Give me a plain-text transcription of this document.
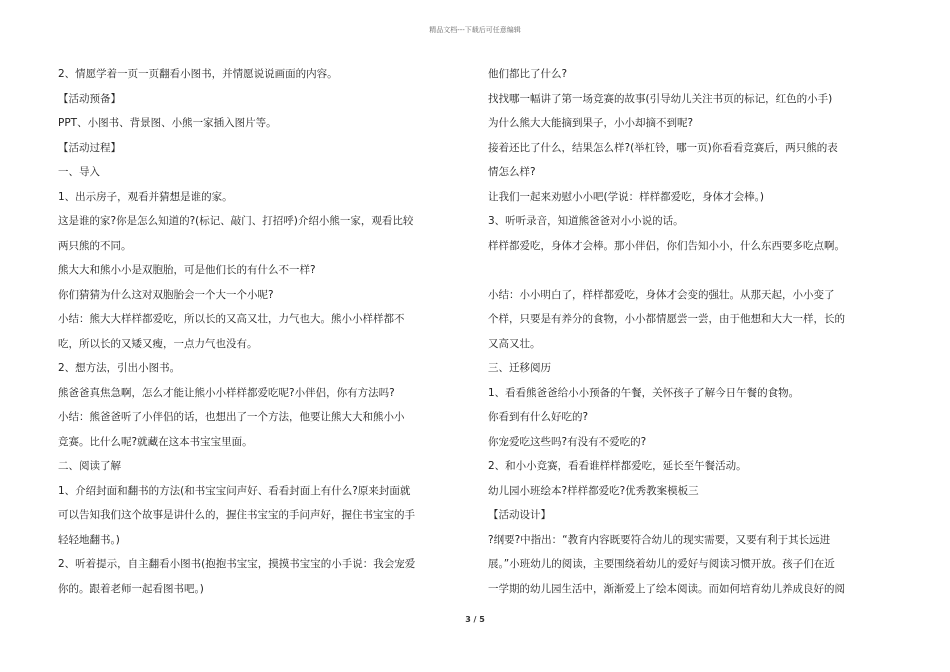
精品文档---下载后可任意编辑
2、情愿学着一页一页翻看小图书，并情愿说说画面的内容。
【活动预备】
PPT、小图书、背景图、小熊一家插入图片等。
【活动过程】
一、导入
1、出示房子，观看并猜想是谁的家。
这是谁的家?你是怎么知道的?(标记、敲门、打招呼)介绍小熊一家，观看比较
两只熊的不同。
熊大大和熊小小是双胞胎，可是他们长的有什么不一样?
你们猜猜为什么这对双胞胎会一个大一个小呢?
小结：熊大大样样都爱吃，所以长的又高又壮，力气也大。熊小小样样都不
吃，所以长的又矮又瘦，一点力气也没有。
2、想方法，引出小图书。
熊爸爸真焦急啊，怎么才能让熊小小样样都爱吃呢?小伴侣，你有方法吗?
小结：熊爸爸听了小伴侣的话，也想出了一个方法，他要让熊大大和熊小小
竞赛。比什么呢?就藏在这本书宝宝里面。
二、阅读了解
1、介绍封面和翻书的方法(和书宝宝问声好、看看封面上有什么?原来封面就
可以告知我们这个故事是讲什么的，握住书宝宝的手问声好，握住书宝宝的手
轻轻地翻书。)
2、听着提示，自主翻看小图书(抱抱书宝宝，摸摸书宝宝的小手说：我会宠爱
你的。跟着老师一起看图书吧。)
他们都比了什么?
找找哪一幅讲了第一场竞赛的故事(引导幼儿关注书页的标记，红色的小手)
为什么熊大大能摘到果子，小小却摘不到呢?
接着还比了什么，结果怎么样?(举杠铃，哪一页)你看看竞赛后，两只熊的表
情怎么样?
让我们一起来劝慰小小吧(学说：样样都爱吃，身体才会棒。)
3、听听录音，知道熊爸爸对小小说的话。
样样都爱吃，身体才会棒。那小伴侣，你们告知小小，什么东西要多吃点啊。
小结：小小明白了，样样都爱吃，身体才会变的强壮。从那天起，小小变了
个样，只要是有养分的食物，小小都情愿尝一尝，由于他想和大大一样，长的
又高又壮。
三、迁移阅历
1、看看熊爸爸给小小预备的午餐，关怀孩子了解今日午餐的食物。
你看到有什么好吃的?
你宠爱吃这些吗?有没有不爱吃的?
2、和小小竞赛，看看谁样样都爱吃，延长至午餐活动。
幼儿园小班绘本?样样都爱吃?优秀教案模板三
【活动设计】
?纲要?中指出：“教育内容既要符合幼儿的现实需要，又要有利于其长远进
展。”小班幼儿的阅读，主要围绕着幼儿的爱好与阅读习惯开放。孩子们在近
一学期的幼儿园生活中，渐渐爱上了绘本阅读。而如何培育幼儿养成良好的阅
3 / 5
